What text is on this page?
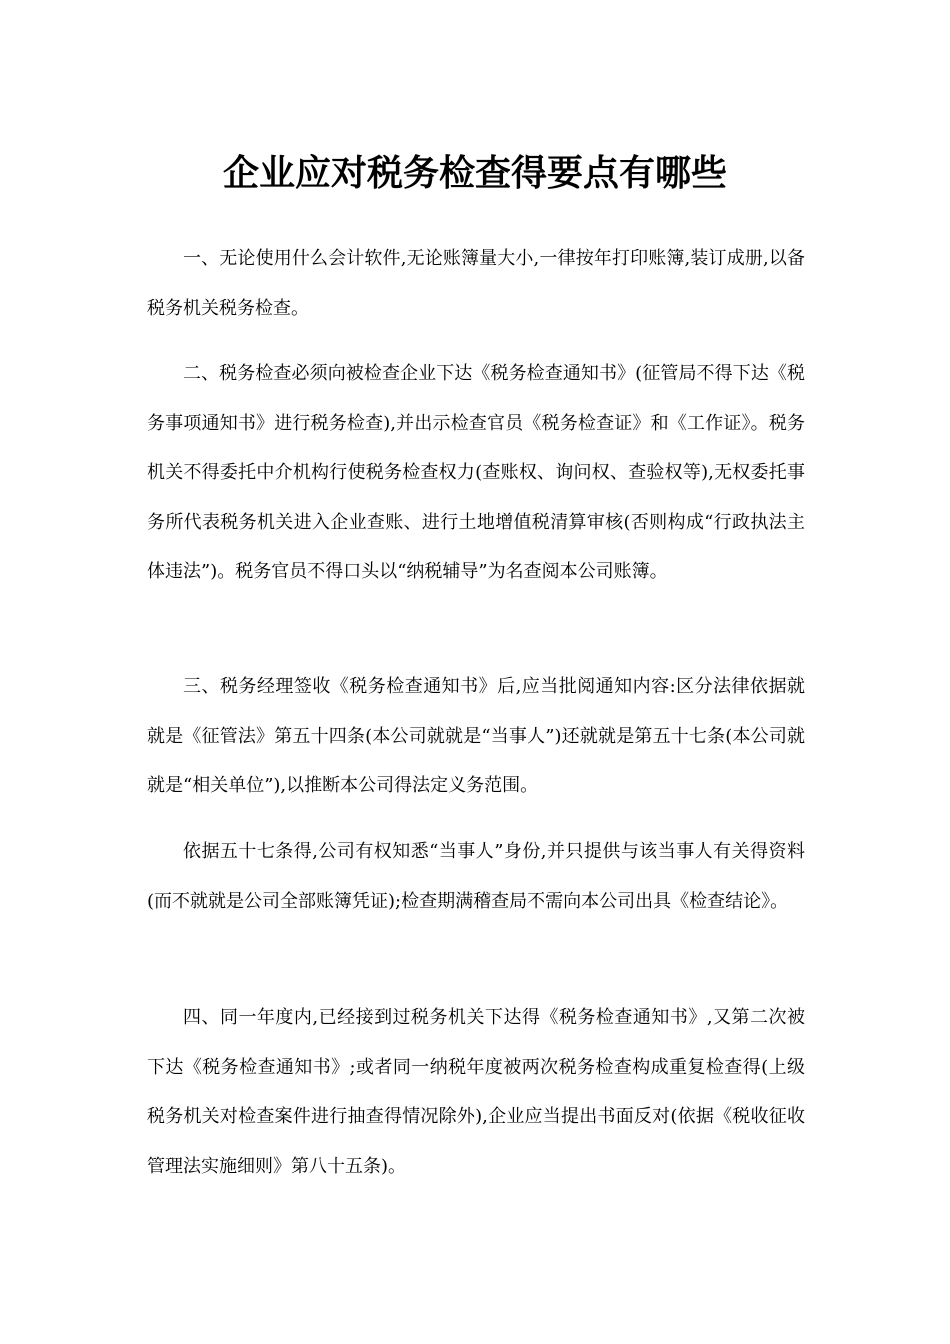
企业应对税务检查得要点有哪些

一、无论使用什么会计软件,无论账簿量大小,一律按年打印账簿,装订成册,以备税务机关税务检查。

二、税务检查必须向被检查企业下达《税务检查通知书》(征管局不得下达《税务事项通知书》进行税务检查),并出示检查官员《税务检查证》和《工作证》。税务机关不得委托中介机构行使税务检查权力(查账权、询问权、查验权等),无权委托事务所代表税务机关进入企业查账、进行土地增值税清算审核(否则构成“行政执法主体违法”)。税务官员不得口头以“纳税辅导”为名查阅本公司账簿。

三、税务经理签收《税务检查通知书》后,应当批阅通知内容:区分法律依据就就是《征管法》第五十四条(本公司就就是“当事人”)还就就是第五十七条(本公司就就是“相关单位”),以推断本公司得法定义务范围。

依据五十七条得,公司有权知悉“当事人”身份,并只提供与该当事人有关得资料(而不就就是公司全部账簿凭证);检查期满稽查局不需向本公司出具《检查结论》。

四、同一年度内,已经接到过税务机关下达得《税务检查通知书》,又第二次被下达《税务检查通知书》;或者同一纳税年度被两次税务检查构成重复检查得(上级税务机关对检查案件进行抽查得情况除外),企业应当提出书面反对(依据《税收征收管理法实施细则》第八十五条)。
